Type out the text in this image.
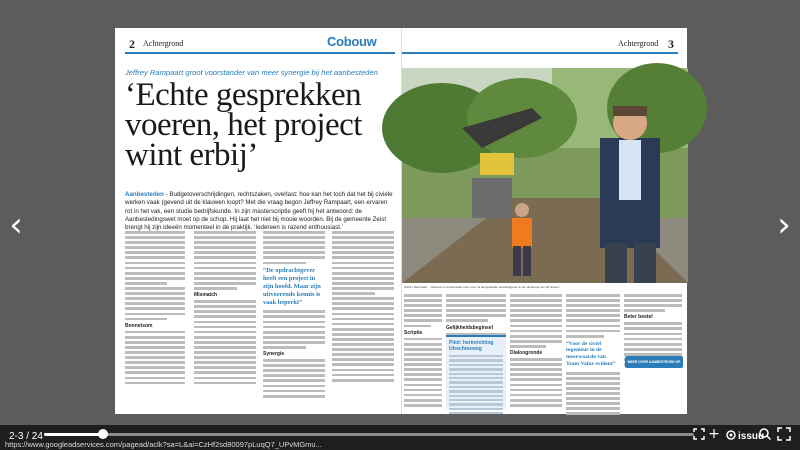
‹	›
2 Achtergrond	Cobouw
Jeffrey Rampaart groot voorstander van meer synergie bij het aanbesteden
‘Echte gesprekken voeren, het project wint erbij’
Aanbesteden - Budgetoverschrijdingen, rechtszaken, overlast: hoe kan het toch dat het bij civiele werken vaak (gevend uit de klauwen loopt? Met die vraag begon Jeffrey Rampaart, een ervaren rot in het vak, een studie bedrijfskunde. In zijn masterscriptie geeft hij het antwoord: de Aanbestedingswet moet op de schop. Hij laat het niet bij mooie woorden. Bij de gemeente Zeist brengt hij zijn ideeën momenteel in de praktijk. ‘Iedereen is razend enthousiast.’
Bonnetsom
Mismatch
“De opdrachtgever heeft een project in zijn hoofd. Maar zijn uitvoerende kennis is vaak beperkt”
Synergie
Achtergrond 3
Jeffrey Rampaart – ‘Iedereen is enthousiast over onze rol als gedeelde opdrachtgever in de uitvoering van dit project.’
Scriptie
Gelijkheidsbeginsel
Pilot: herinrichting Utrechtseweg
Dialoogronde
“Voor de civiel ingenieur in de meerwaarde van Team Value evident”
Beter bestel
MEER OVER AANBESTEDEN OP COBOUW.NL
2-3 / 24	+	issuu
https://www.googleadservices.com/pagead/aclk?sa=L&ai=CzHf2sd80097pLuqQ7_UPvMGmu...
